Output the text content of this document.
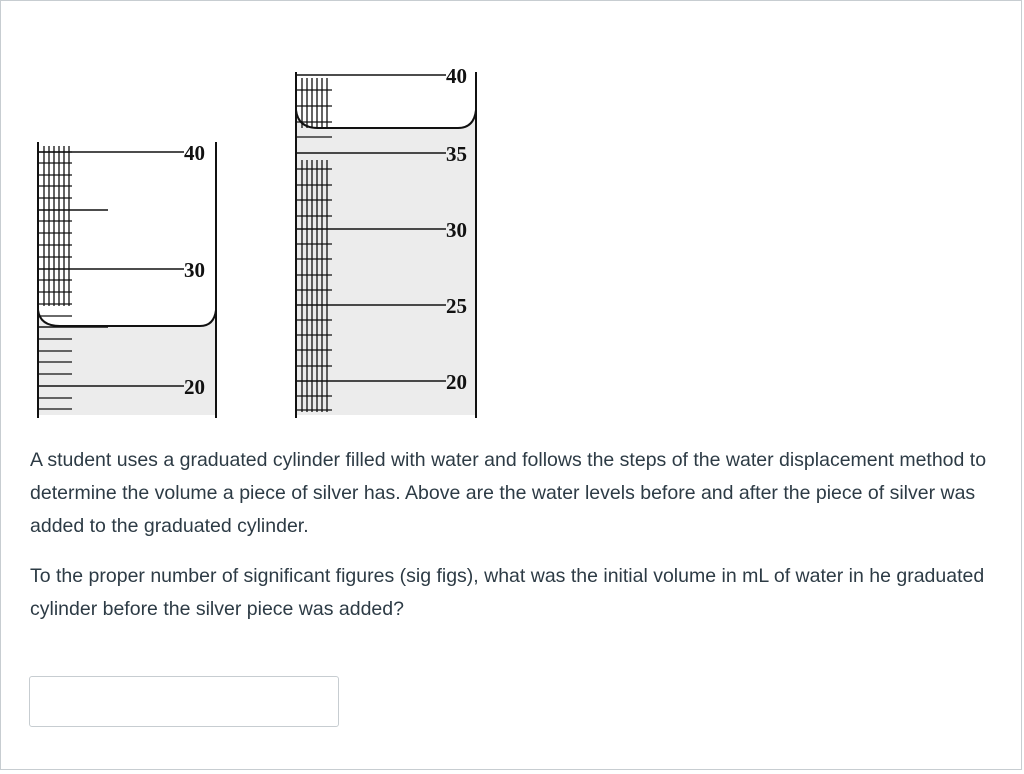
40
30
20
40
35
30
25
20
A student uses a graduated cylinder filled with water and follows the steps of the water displacement method to determine the volume a piece of silver has. Above are the water levels before and after the piece of silver was added to the graduated cylinder.
To the proper number of significant figures (sig figs), what was the initial volume in mL of water in he graduated cylinder before the silver piece was added?
